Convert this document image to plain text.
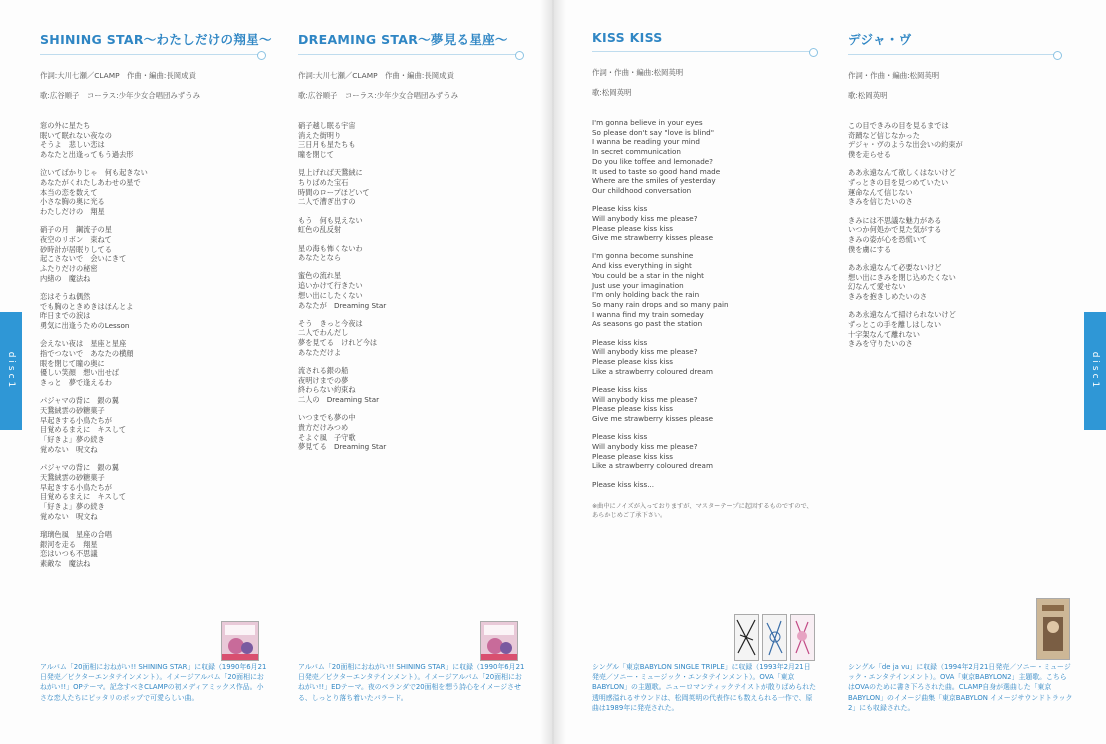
SHINING STAR～わたしだけの翔星～

作詞:大川七瀬／CLAMP　作曲・編曲:長岡成貢

歌:広谷順子　コーラス:少年少女合唱団みずうみ

窓の外に星たち
眠いて眠れない夜なの
そうよ　悲しい恋は
あなたと出逢ってもう過去形
泣いてばかりじゃ　何も起きない
あなたがくれたしあわせの星で
本当の恋を数えて
小さな胸の奥に光る
わたしだけの　翔星
硝子の月　鋼流子の星
夜空のリボン　束ねて
砂時計が居眠りしてる
起こさないで　会いにきて
ふたりだけの秘密
内緒の　魔法ね
恋はそうね偶然
でも胸のときめきはほんとよ
昨日までの涙は
勇気に出逢うためのLesson
会えない夜は　星座と星座
指でつないで　あなたの横顔
眼を閉じて瞳の奥に
優しい笑顔　想い出せば
きっと　夢で逢えるわ
パジャマの背に　銀の翼
天鵞絨雲の砂糖菓子
早起きする小鳥たちが
目覚めるまえに　キスして
「好きよ」夢の続き
覚めない　呪文ね
パジャマの背に　銀の翼
天鵞絨雲の砂糖菓子
早起きする小鳥たちが
目覚めるまえに　キスして
「好きよ」夢の続き
覚めない　呪文ね
瑠璃色風　星座の合唱
銀河を走る　翔星
恋はいつも不思議
素敵な　魔法ね
DREAMING STAR～夢見る星座～

作詞:大川七瀬／CLAMP　作曲・編曲:長岡成貢

歌:広谷順子　コーラス:少年少女合唱団みずうみ

硝子越し眠る宇宙
消えた街明り
三日月も星たちも
瞳を閉じて
見上げれば天鵞絨に
ちりばめた宝石
時間のロープほどいて
二人で漕ぎ出すの
もう　何も見えない
虹色の乱反射
星の海も怖くないわ
あなたとなら
蜜色の流れ星
追いかけて行きたい
想い出にしたくない
あなたが　Dreaming Star
そう　きっと今夜は
二人でわんだし
夢を見てる　けれど今は
あなただけよ
流される銀の船
夜明けまでの夢
終わらない約束ね
二人の　Dreaming Star
いつまでも夢の中
貴方だけみつめ
そよぐ風　子守歌
夢見てる　Dreaming Star
KISS KISS

作詞・作曲・編曲:松岡英明

歌:松岡英明

I'm gonna believe in your eyes
So please don't say "love is blind"
I wanna be reading your mind
In secret communication
Do you like toffee and lemonade?
It used to taste so good hand made
Where are the smiles of yesterday
Our childhood conversation
Please kiss kiss
Will anybody kiss me please?
Please please kiss kiss
Give me strawberry kisses please
I'm gonna become sunshine
And kiss everything in sight
You could be a star in the night
Just use your imagination
I'm only holding back the rain
So many rain drops and so many pain
I wanna find my train someday
As seasons go past the station
Please kiss kiss
Will anybody kiss me please?
Please please kiss kiss
Like a strawberry coloured dream
Please kiss kiss
Will anybody kiss me please?
Please please kiss kiss
Give me strawberry kisses please
Please kiss kiss
Will anybody kiss me please?
Please please kiss kiss
Like a strawberry coloured dream
Please kiss kiss...
デジャ・ヴ

作詞・作曲・編曲:松岡英明

歌:松岡英明

この目できみの目を見るまでは
奇蹟など信じなかった
デジャ・ヴのような出会いの約束が
僕を走らせる
ああ永遠なんて欲しくはないけど
ずっときの目を見つめていたい
運命なんて信じない
きみを信じたいのさ
きみには不思議な魅力がある
いつか何処かで見た気がする
きみの姿が心を恐慌いて
僕を虜にする
ああ永遠なんて必要ないけど
想い出にきみを閉じ込めたくない
幻なんて愛せない
きみを抱きしめたいのさ
ああ永遠なんて掃けられないけど
ずっとこの手を離しはしない
十字架なんて離れない
きみを守りたいのさ
※曲中にノイズが入っておりますが、マスターテープに起因するものですので、
あらかじめご了承下さい。
アルバム「20面相におねがい!! SHINING STAR」に収録（1990年6月21日発売／ビクターエンタテインメント）。イメージアルバム「20面相におねがい!!」OPテーマ。記念すべきCLAMPの初メディアミックス作品。小さな恋人たちにピッタリのポップで可愛らしい曲。
アルバム「20面相におねがい!! SHINING STAR」に収録（1990年6月21日発売／ビクターエンタテインメント）。イメージアルバム「20面相におねがい!!」EDテーマ。夜のベランダで20面相を想う詩心をイメージさせる、しっとり落ち着いたバラード。
シングル「東京BABYLON SINGLE TRIPLE」に収録（1993年2月21日発売／ソニー・ミュージック・エンタテインメント）。OVA「東京BABYLON」の主題歌。ニューロマンティックテイストが散りばめられた透明感溢れるサウンドは、松岡英明の代表作にも数えられる一作で、原曲は1989年に発売された。
シングル「de ja vu」に収録（1994年2月21日発売／ソニー・ミュージック・エンタテインメント）。OVA「東京BABYLON2」主題歌。こちらはOVAのために書き下ろされた曲。CLAMP自身が選曲した「東京BABYLON」のイメージ曲集「東京BABYLON イメージサウンドトラック2」にも収録された。
disc1	disc1
